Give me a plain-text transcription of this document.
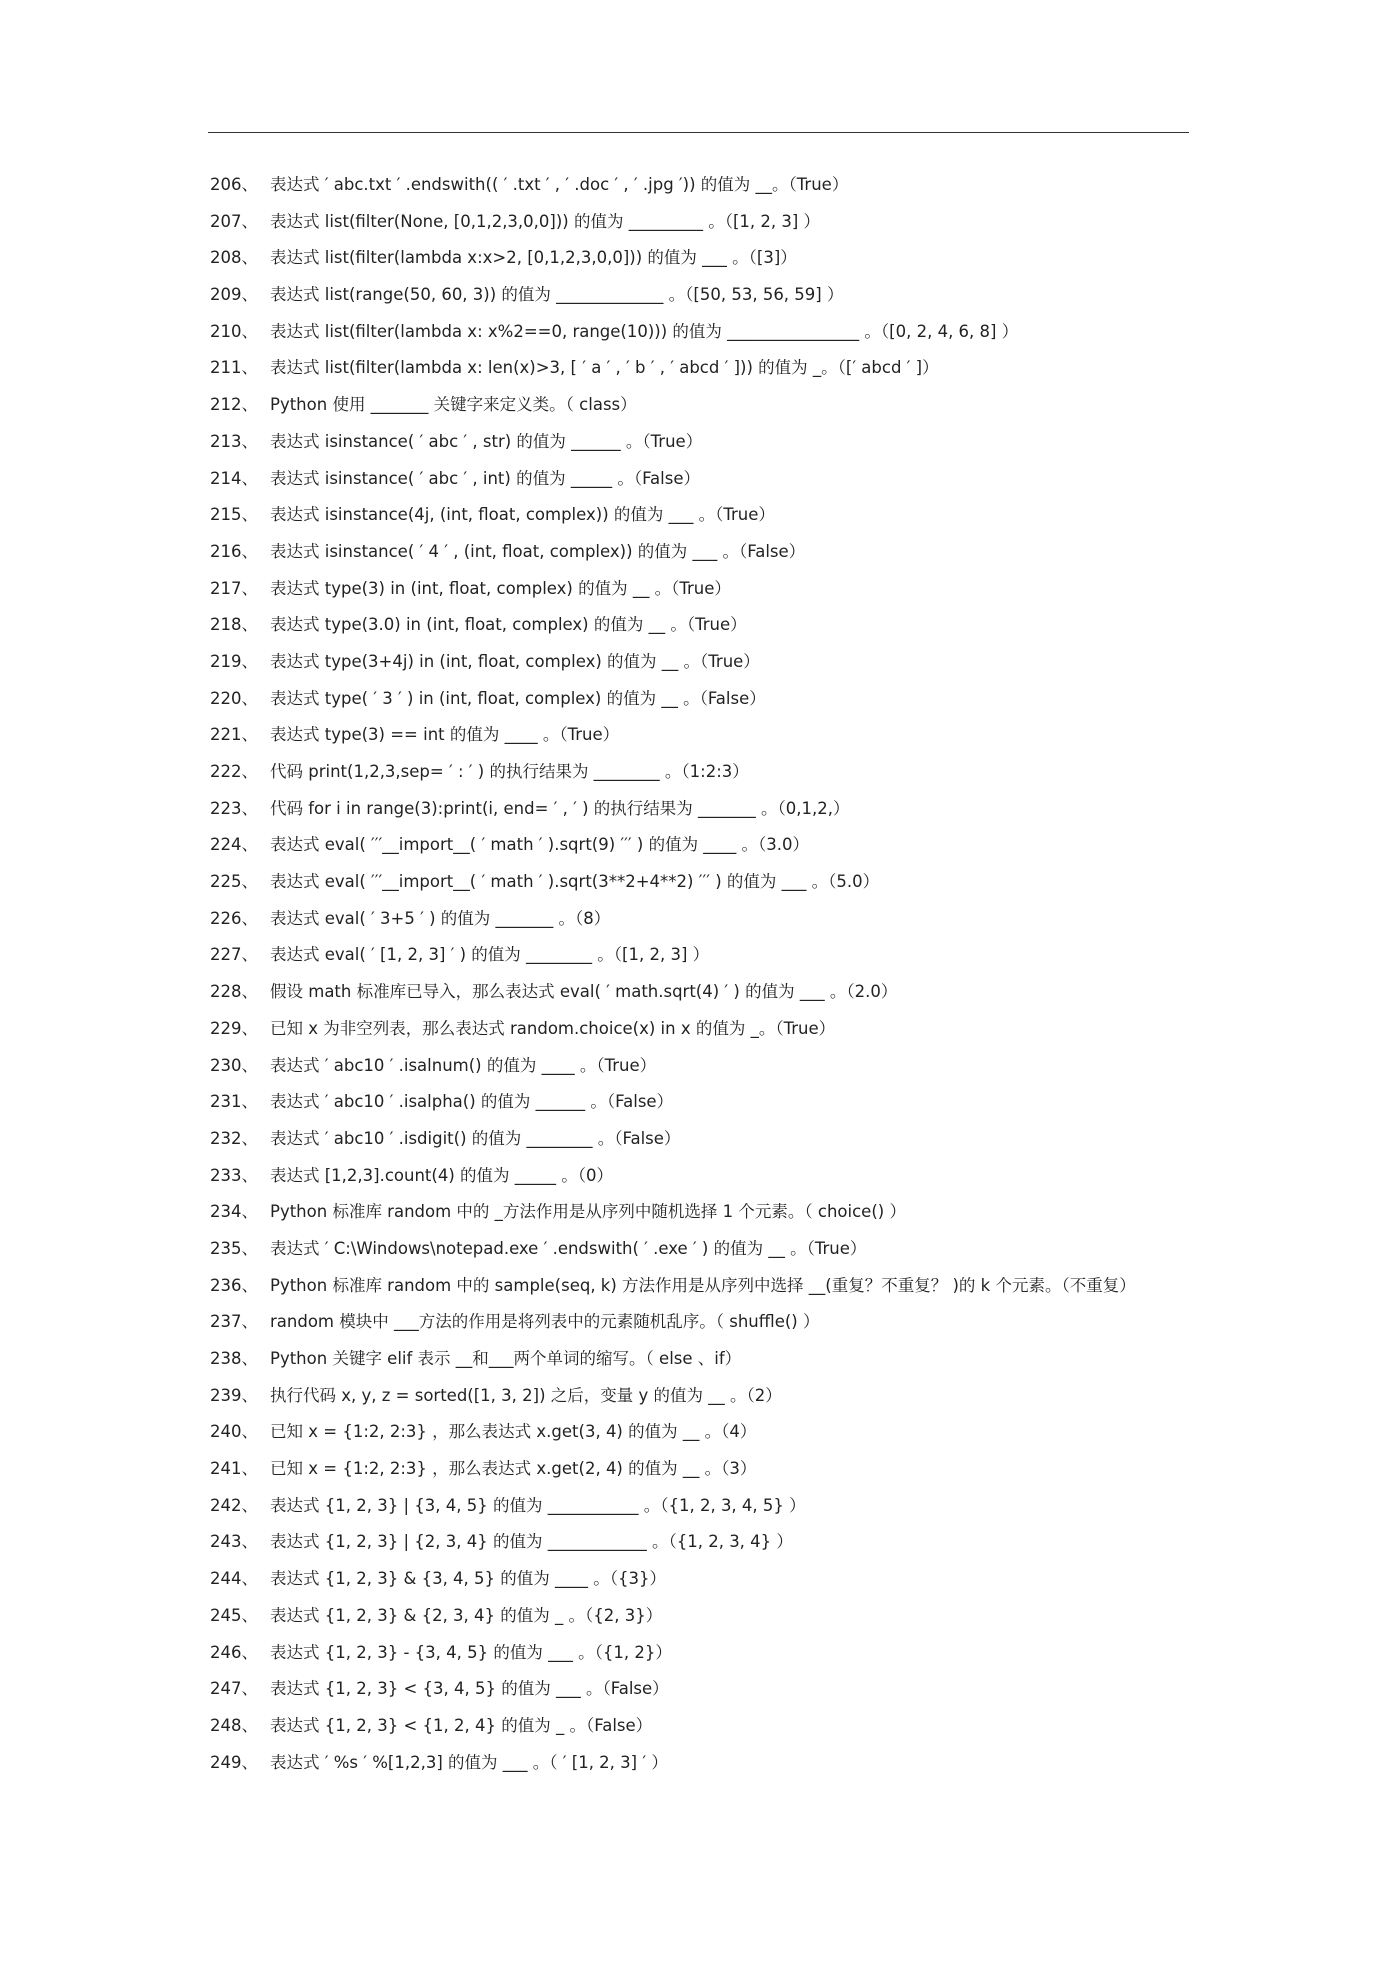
206、 表达式 ′ abc.txt ′ .endswith(( ′ .txt ′ , ′ .doc ′ , ′ .jpg ′)) 的值为 __。（True）
207、 表达式 list(filter(None, [0,1,2,3,0,0])) 的值为 _________ 。（[1, 2, 3] ）
208、 表达式 list(filter(lambda x:x>2, [0,1,2,3,0,0])) 的值为 ___ 。（[3]）
209、 表达式 list(range(50, 60, 3)) 的值为 _____________ 。（[50, 53, 56, 59] ）
210、 表达式 list(filter(lambda x: x%2==0, range(10))) 的值为 ________________ 。（[0, 2, 4, 6, 8] ）
211、 表达式 list(filter(lambda x: len(x)>3, [ ′ a ′ , ′ b ′ , ′ abcd ′ ])) 的值为 _。（[′ abcd ′ ]）
212、 Python 使用 _______ 关键字来定义类。（ class）
213、 表达式 isinstance( ′ abc ′ , str) 的值为 ______ 。（True）
214、 表达式 isinstance( ′ abc ′ , int) 的值为 _____ 。（False）
215、 表达式 isinstance(4j, (int, float, complex)) 的值为 ___ 。（True）
216、 表达式 isinstance( ′ 4 ′ , (int, float, complex)) 的值为 ___ 。（False）
217、 表达式 type(3) in (int, float, complex) 的值为 __ 。（True）
218、 表达式 type(3.0) in (int, float, complex) 的值为 __ 。（True）
219、 表达式 type(3+4j) in (int, float, complex) 的值为 __ 。（True）
220、 表达式 type( ′ 3 ′ ) in (int, float, complex) 的值为 __ 。（False）
221、 表达式 type(3) == int 的值为 ____ 。（True）
222、 代码 print(1,2,3,sep= ′ : ′ ) 的执行结果为 ________ 。（1:2:3）
223、 代码 for i in range(3):print(i, end= ′ , ′ ) 的执行结果为 _______ 。（0,1,2,）
224、 表达式 eval( ′′′__import__( ′ math ′ ).sqrt(9) ′′′ ) 的值为 ____ 。（3.0）
225、 表达式 eval( ′′′__import__( ′ math ′ ).sqrt(3**2+4**2) ′′′ ) 的值为 ___ 。（5.0）
226、 表达式 eval( ′ 3+5 ′ ) 的值为 _______ 。（8）
227、 表达式 eval( ′ [1, 2, 3] ′ ) 的值为 ________ 。（[1, 2, 3] ）
228、 假设 math 标准库已导入，那么表达式 eval( ′ math.sqrt(4) ′ ) 的值为 ___ 。（2.0）
229、 已知 x 为非空列表，那么表达式 random.choice(x) in x 的值为 _。（True）
230、 表达式 ′ abc10 ′ .isalnum() 的值为 ____ 。（True）
231、 表达式 ′ abc10 ′ .isalpha() 的值为 ______ 。（False）
232、 表达式 ′ abc10 ′ .isdigit() 的值为 ________ 。（False）
233、 表达式 [1,2,3].count(4) 的值为 _____ 。（0）
234、 Python 标准库 random 中的 _方法作用是从序列中随机选择 1 个元素。（ choice() ）
235、 表达式 ′ C:\Windows\notepad.exe ′ .endswith( ′ .exe ′ ) 的值为 __ 。（True）
236、 Python 标准库 random 中的 sample(seq, k) 方法作用是从序列中选择 __(重复？不重复？ )的 k 个元素。（不重复）
237、 random 模块中 ___方法的作用是将列表中的元素随机乱序。（ shuffle() ）
238、 Python 关键字 elif 表示 __和___两个单词的缩写。（ else 、if）
239、 执行代码 x, y, z = sorted([1, 3, 2]) 之后，变量 y 的值为 __ 。（2）
240、 已知 x = {1:2, 2:3} ，那么表达式 x.get(3, 4) 的值为 __ 。（4）
241、 已知 x = {1:2, 2:3} ，那么表达式 x.get(2, 4) 的值为 __ 。（3）
242、 表达式 {1, 2, 3} | {3, 4, 5} 的值为 ___________ 。（{1, 2, 3, 4, 5} ）
243、 表达式 {1, 2, 3} | {2, 3, 4} 的值为 ____________ 。（{1, 2, 3, 4} ）
244、 表达式 {1, 2, 3} & {3, 4, 5} 的值为 ____ 。（{3}）
245、 表达式 {1, 2, 3} & {2, 3, 4} 的值为 _ 。（{2, 3}）
246、 表达式 {1, 2, 3} - {3, 4, 5} 的值为 ___ 。（{1, 2}）
247、 表达式 {1, 2, 3} < {3, 4, 5} 的值为 ___ 。（False）
248、 表达式 {1, 2, 3} < {1, 2, 4} 的值为 _ 。（False）
249、 表达式 ′ %s ′ %[1,2,3] 的值为 ___ 。（ ′ [1, 2, 3] ′ ）
